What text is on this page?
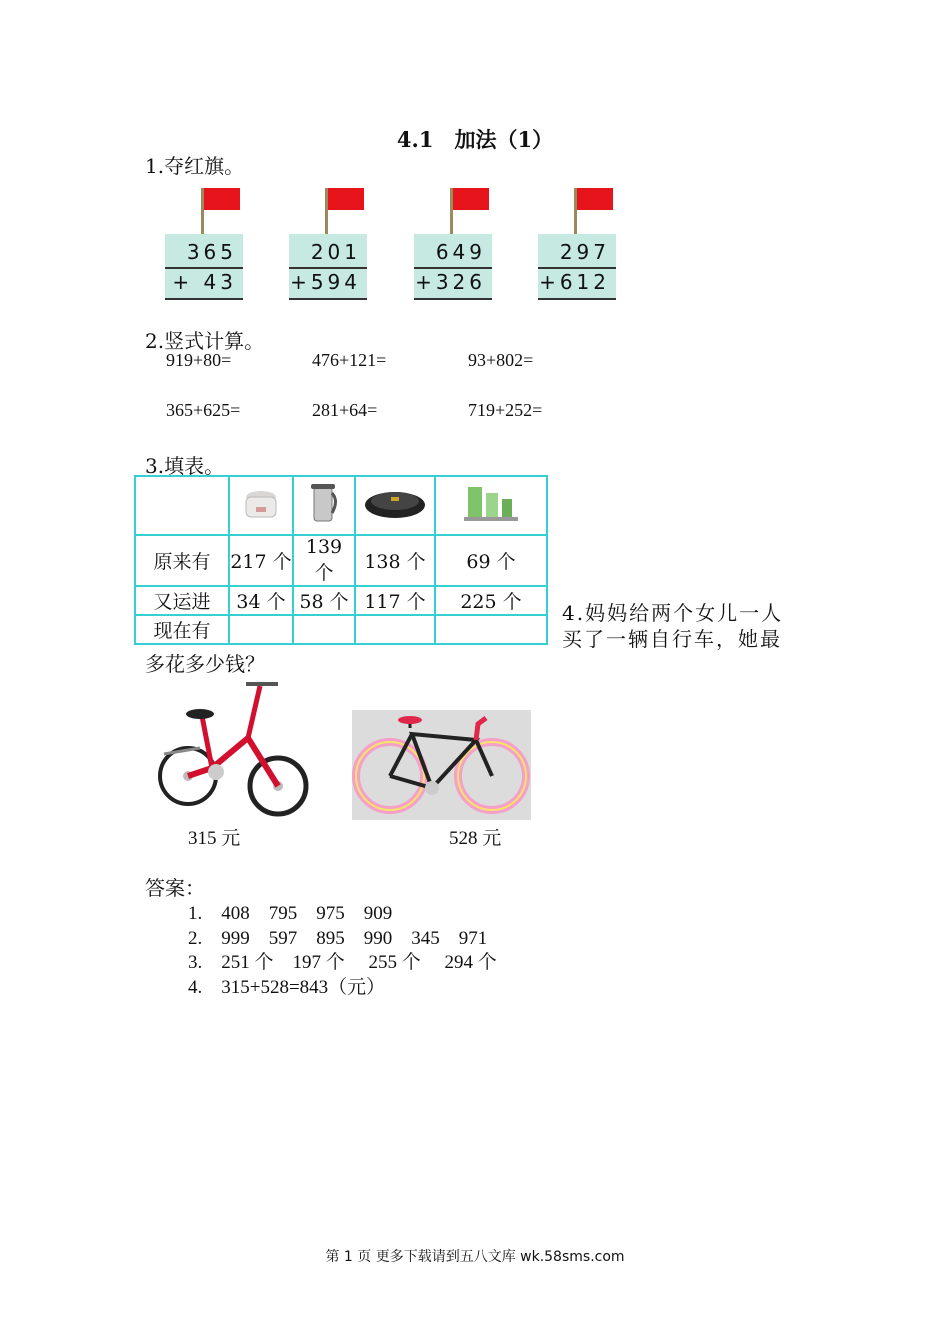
4.1　加法（1）
1.夺红旗。
365
+ 43
201
+594
649
+326
297
+612
2.竖式计算。
919+80=	476+121=	93+802=
365+625=	281+64=	719+252=
3.填表。

原来有	217 个	139 个	138 个	69 个
又运进	34 个	58 个	117 个	225 个
现在有				
4.妈妈给两个女儿一人
买了一辆自行车，她最
多花多少钱？
315 元	528 元
答案：
1.　408　795　975　909
2.　999　597　895　990　345　971
3.　251 个　197 个　 255 个　 294 个
4.　315+528=843（元）
第 1 页 更多下载请到五八文库 wk.58sms.com
